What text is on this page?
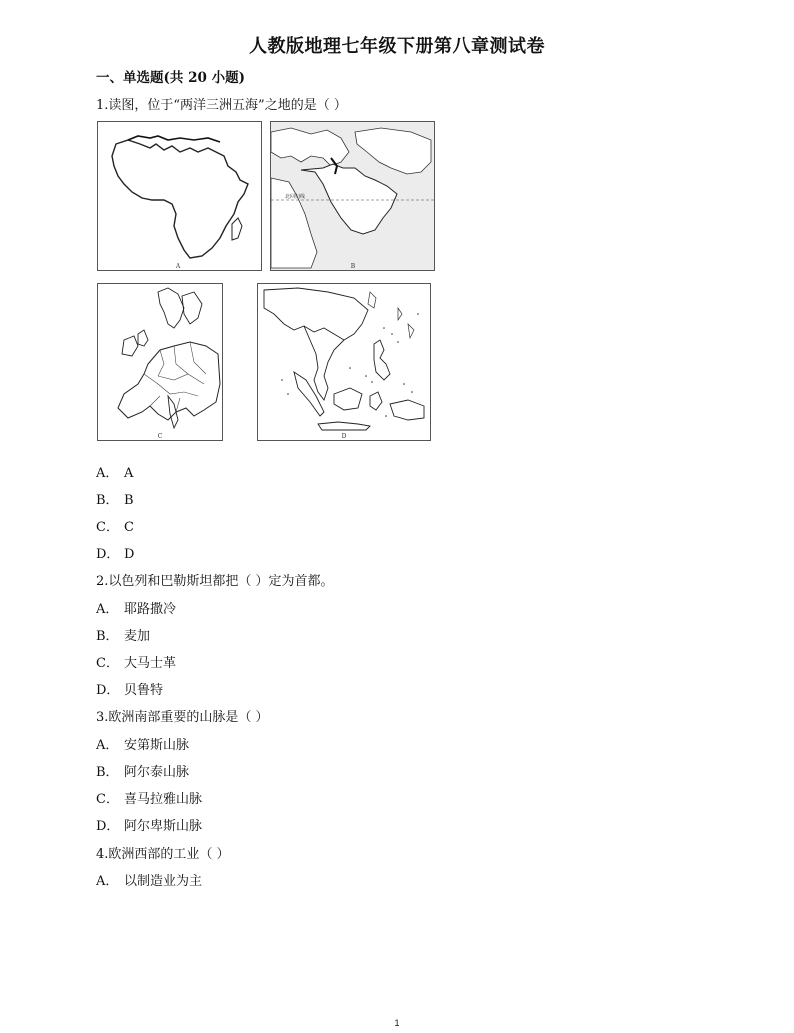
人教版地理七年级下册第八章测试卷
一、单选题(共 20 小题)
1.读图，位于“两洋三洲五海”之地的是（ ）
A
北回归线
B
C	D
A． A
B． B
C． C
D． D
2.以色列和巴勒斯坦都把（ ）定为首都。
A． 耶路撒冷
B． 麦加
C． 大马士革
D． 贝鲁特
3.欧洲南部重要的山脉是（ ）
A． 安第斯山脉
B． 阿尔泰山脉
C． 喜马拉雅山脉
D． 阿尔卑斯山脉
4.欧洲西部的工业（ ）
A． 以制造业为主
1
